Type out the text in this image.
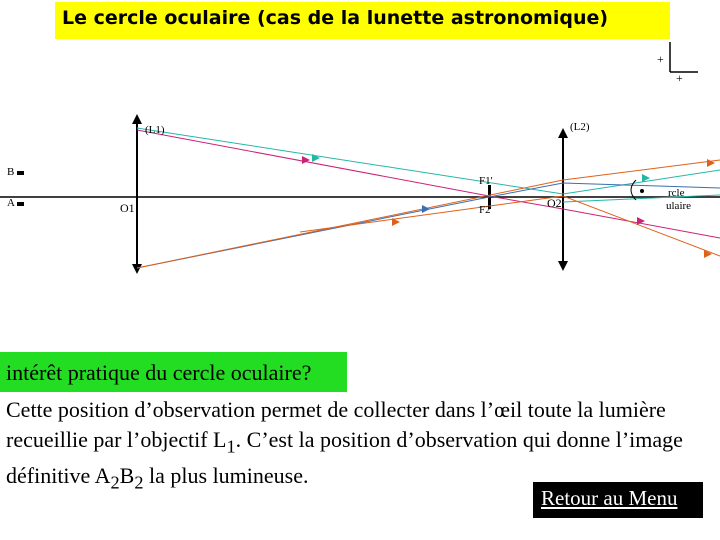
Le cercle oculaire (cas de la lunette astronomique)
+
+
(L1)	(L2)
B
A	O1
F1'
F2	O2
rcle
ulaire
intérêt pratique du cercle oculaire?
Cette position d’observation permet de collecter dans l’œil toute la lumière recueillie par l’objectif $L_1$. C’est la position d’observation qui donne l’image définitive $A_2B_2$ la plus lumineuse.
Retour au Menu
